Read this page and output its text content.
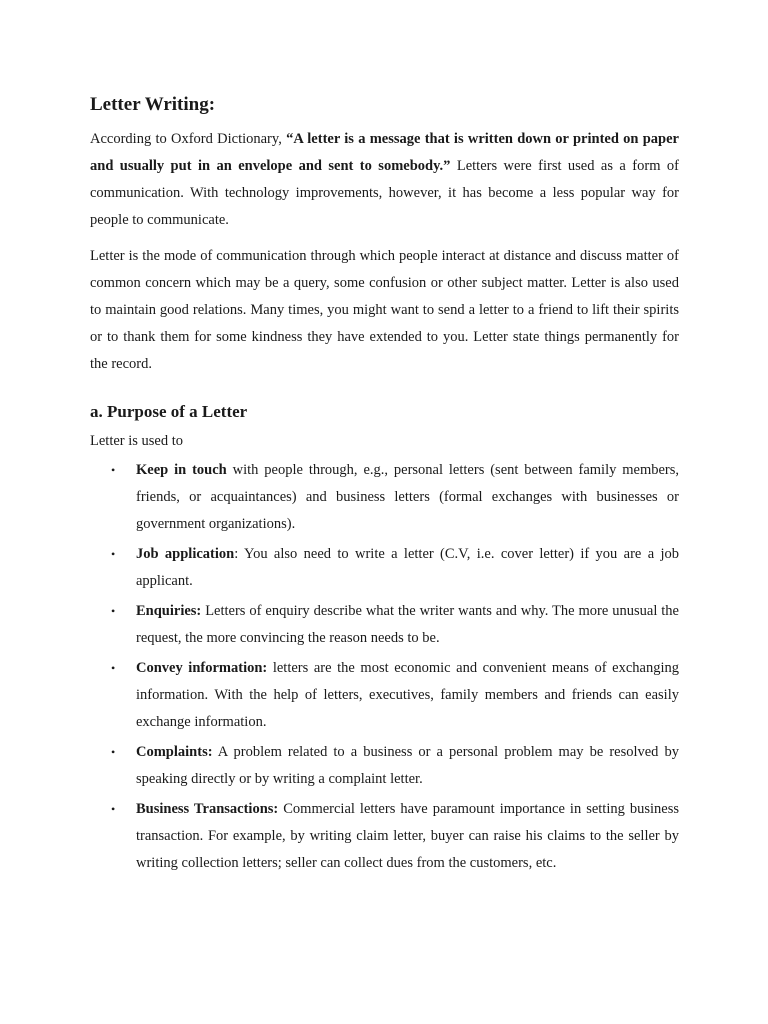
Letter Writing:

According to Oxford Dictionary, “A letter is a message that is written down or printed on paper and usually put in an envelope and sent to somebody.” Letters were first used as a form of communication. With technology improvements, however, it has become a less popular way for people to communicate.

Letter is the mode of communication through which people interact at distance and discuss matter of common concern which may be a query, some confusion or other subject matter. Letter is also used to maintain good relations. Many times, you might want to send a letter to a friend to lift their spirits or to thank them for some kindness they have extended to you. Letter state things permanently for the record.

a. Purpose of a Letter

Letter is used to

• Keep in touch with people through, e.g., personal letters (sent between family members, friends, or acquaintances) and business letters (formal exchanges with businesses or government organizations).
• Job application: You also need to write a letter (C.V, i.e. cover letter) if you are a job applicant.
• Enquiries: Letters of enquiry describe what the writer wants and why. The more unusual the request, the more convincing the reason needs to be.
• Convey information: letters are the most economic and convenient means of exchanging information. With the help of letters, executives, family members and friends can easily exchange information.
• Complaints: A problem related to a business or a personal problem may be resolved by speaking directly or by writing a complaint letter.
• Business Transactions: Commercial letters have paramount importance in setting business transaction. For example, by writing claim letter, buyer can raise his claims to the seller by writing collection letters; seller can collect dues from the customers, etc.
